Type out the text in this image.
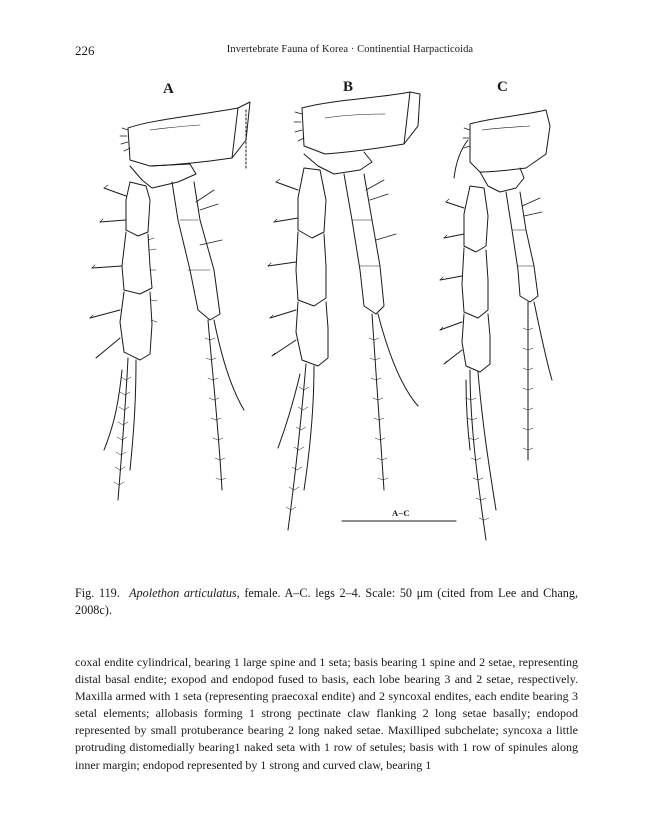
226	Invertebrate Fauna of Korea · Continential Harpacticoida
A	B	C
A–C
Fig. 119. Apolethon articulatus, female. A–C. legs 2–4. Scale: 50 μm (cited from Lee and Chang, 2008c).
coxal endite cylindrical, bearing 1 large spine and 1 seta; basis bearing 1 spine and 2 setae, representing distal basal endite; exopod and endopod fused to basis, each lobe bearing 3 and 2 setae, respectively. Maxilla armed with 1 seta (representing praecoxal endite) and 2 syncoxal endites, each endite bearing 3 setal elements; allobasis forming 1 strong pectinate claw flanking 2 long setae basally; endopod represented by small protuberance bearing 2 long naked setae. Maxilliped subchelate; syncoxa a little protruding distomedially bearing1 naked seta with 1 row of setules; basis with 1 row of spinules along inner margin; endopod represented by 1 strong and curved claw, bearing 1
